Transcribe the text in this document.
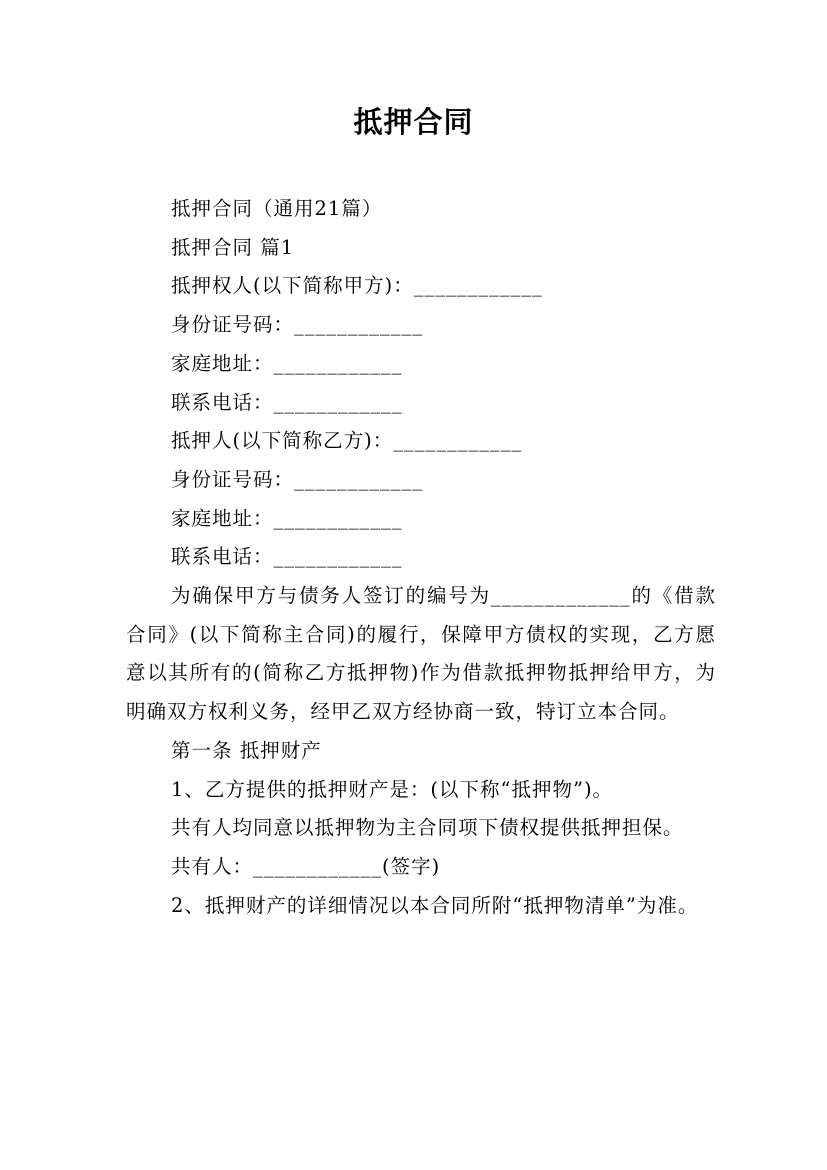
抵押合同

抵押合同（通用21篇）

抵押合同 篇1

抵押权人(以下简称甲方)：____________

身份证号码：____________

家庭地址：____________

联系电话：____________

抵押人(以下简称乙方)：____________

身份证号码：____________

家庭地址：____________

联系电话：____________

为确保甲方与债务人签订的编号为_____________的《借款合同》(以下简称主合同)的履行，保障甲方债权的实现，乙方愿意以其所有的(简称乙方抵押物)作为借款抵押物抵押给甲方，为明确双方权利义务，经甲乙双方经协商一致，特订立本合同。

第一条 抵押财产

1、乙方提供的抵押财产是：(以下称“抵押物”)。

共有人均同意以抵押物为主合同项下债权提供抵押担保。

共有人：____________(签字)

2、抵押财产的详细情况以本合同所附“抵押物清单”为准。
